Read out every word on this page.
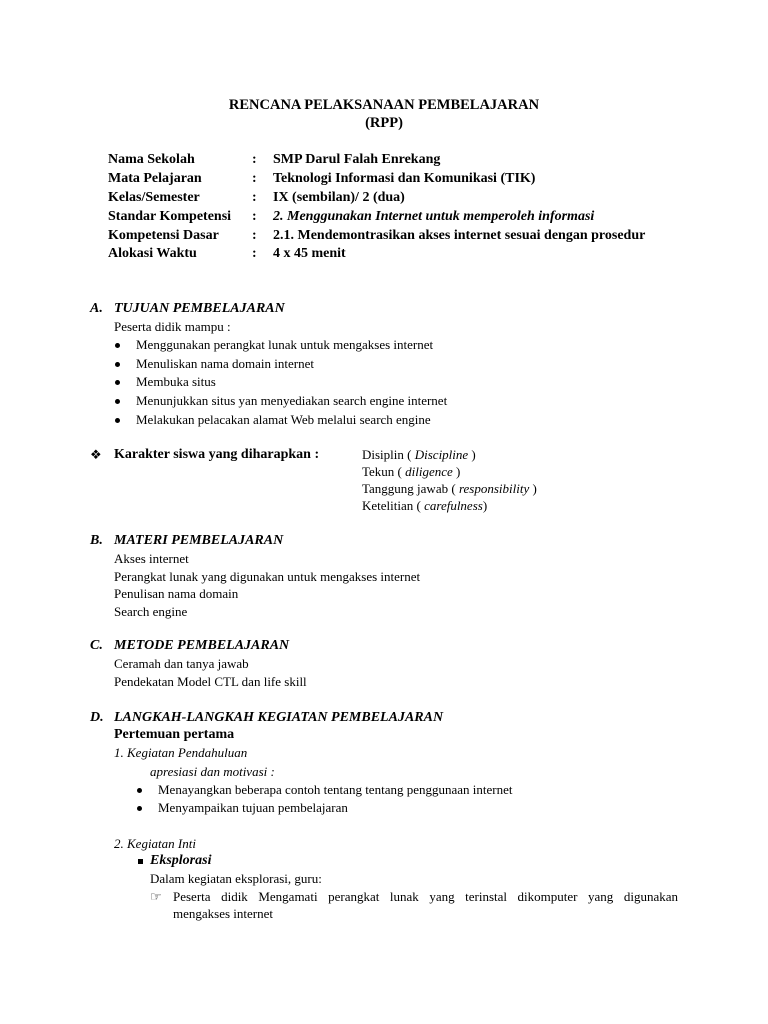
RENCANA PELAKSANAAN PEMBELAJARAN
(RPP)
Nama Sekolah	: SMP Darul Falah Enrekang
Mata Pelajaran	: Teknologi Informasi dan Komunikasi (TIK)
Kelas/Semester	: IX (sembilan)/ 2 (dua)
Standar Kompetensi : 2. Menggunakan Internet untuk memperoleh informasi
Kompetensi Dasar : 2.1. Mendemontrasikan akses internet sesuai dengan prosedur
Alokasi Waktu	: 4 x 45 menit
A. TUJUAN PEMBELAJARAN
Peserta didik mampu :
Menggunakan perangkat lunak untuk mengakses internet
Menuliskan nama domain internet
Membuka situs
Menunjukkan situs yan menyediakan search engine internet
Melakukan pelacakan alamat Web melalui search engine
❖ Karakter siswa yang diharapkan :	Disiplin ( Discipline )
Tekun ( diligence )
Tanggung jawab ( responsibility )
Ketelitian ( carefulness)
B. MATERI PEMBELAJARAN
Akses internet
Perangkat lunak yang digunakan untuk mengakses internet
Penulisan nama domain
Search engine
C. METODE PEMBELAJARAN
Ceramah dan tanya jawab
Pendekatan Model CTL dan life skill
D. LANGKAH-LANGKAH KEGIATAN PEMBELAJARAN
Pertemuan pertama
1. Kegiatan Pendahuluan
apresiasi dan motivasi :
Menayangkan beberapa contoh tentang tentang penggunaan internet
Menyampaikan tujuan pembelajaran
2. Kegiatan Inti
Eksplorasi
Dalam kegiatan eksplorasi, guru:
☞ Peserta didik Mengamati perangkat lunak yang terinstal dikomputer yang digunakan
mengakses internet
